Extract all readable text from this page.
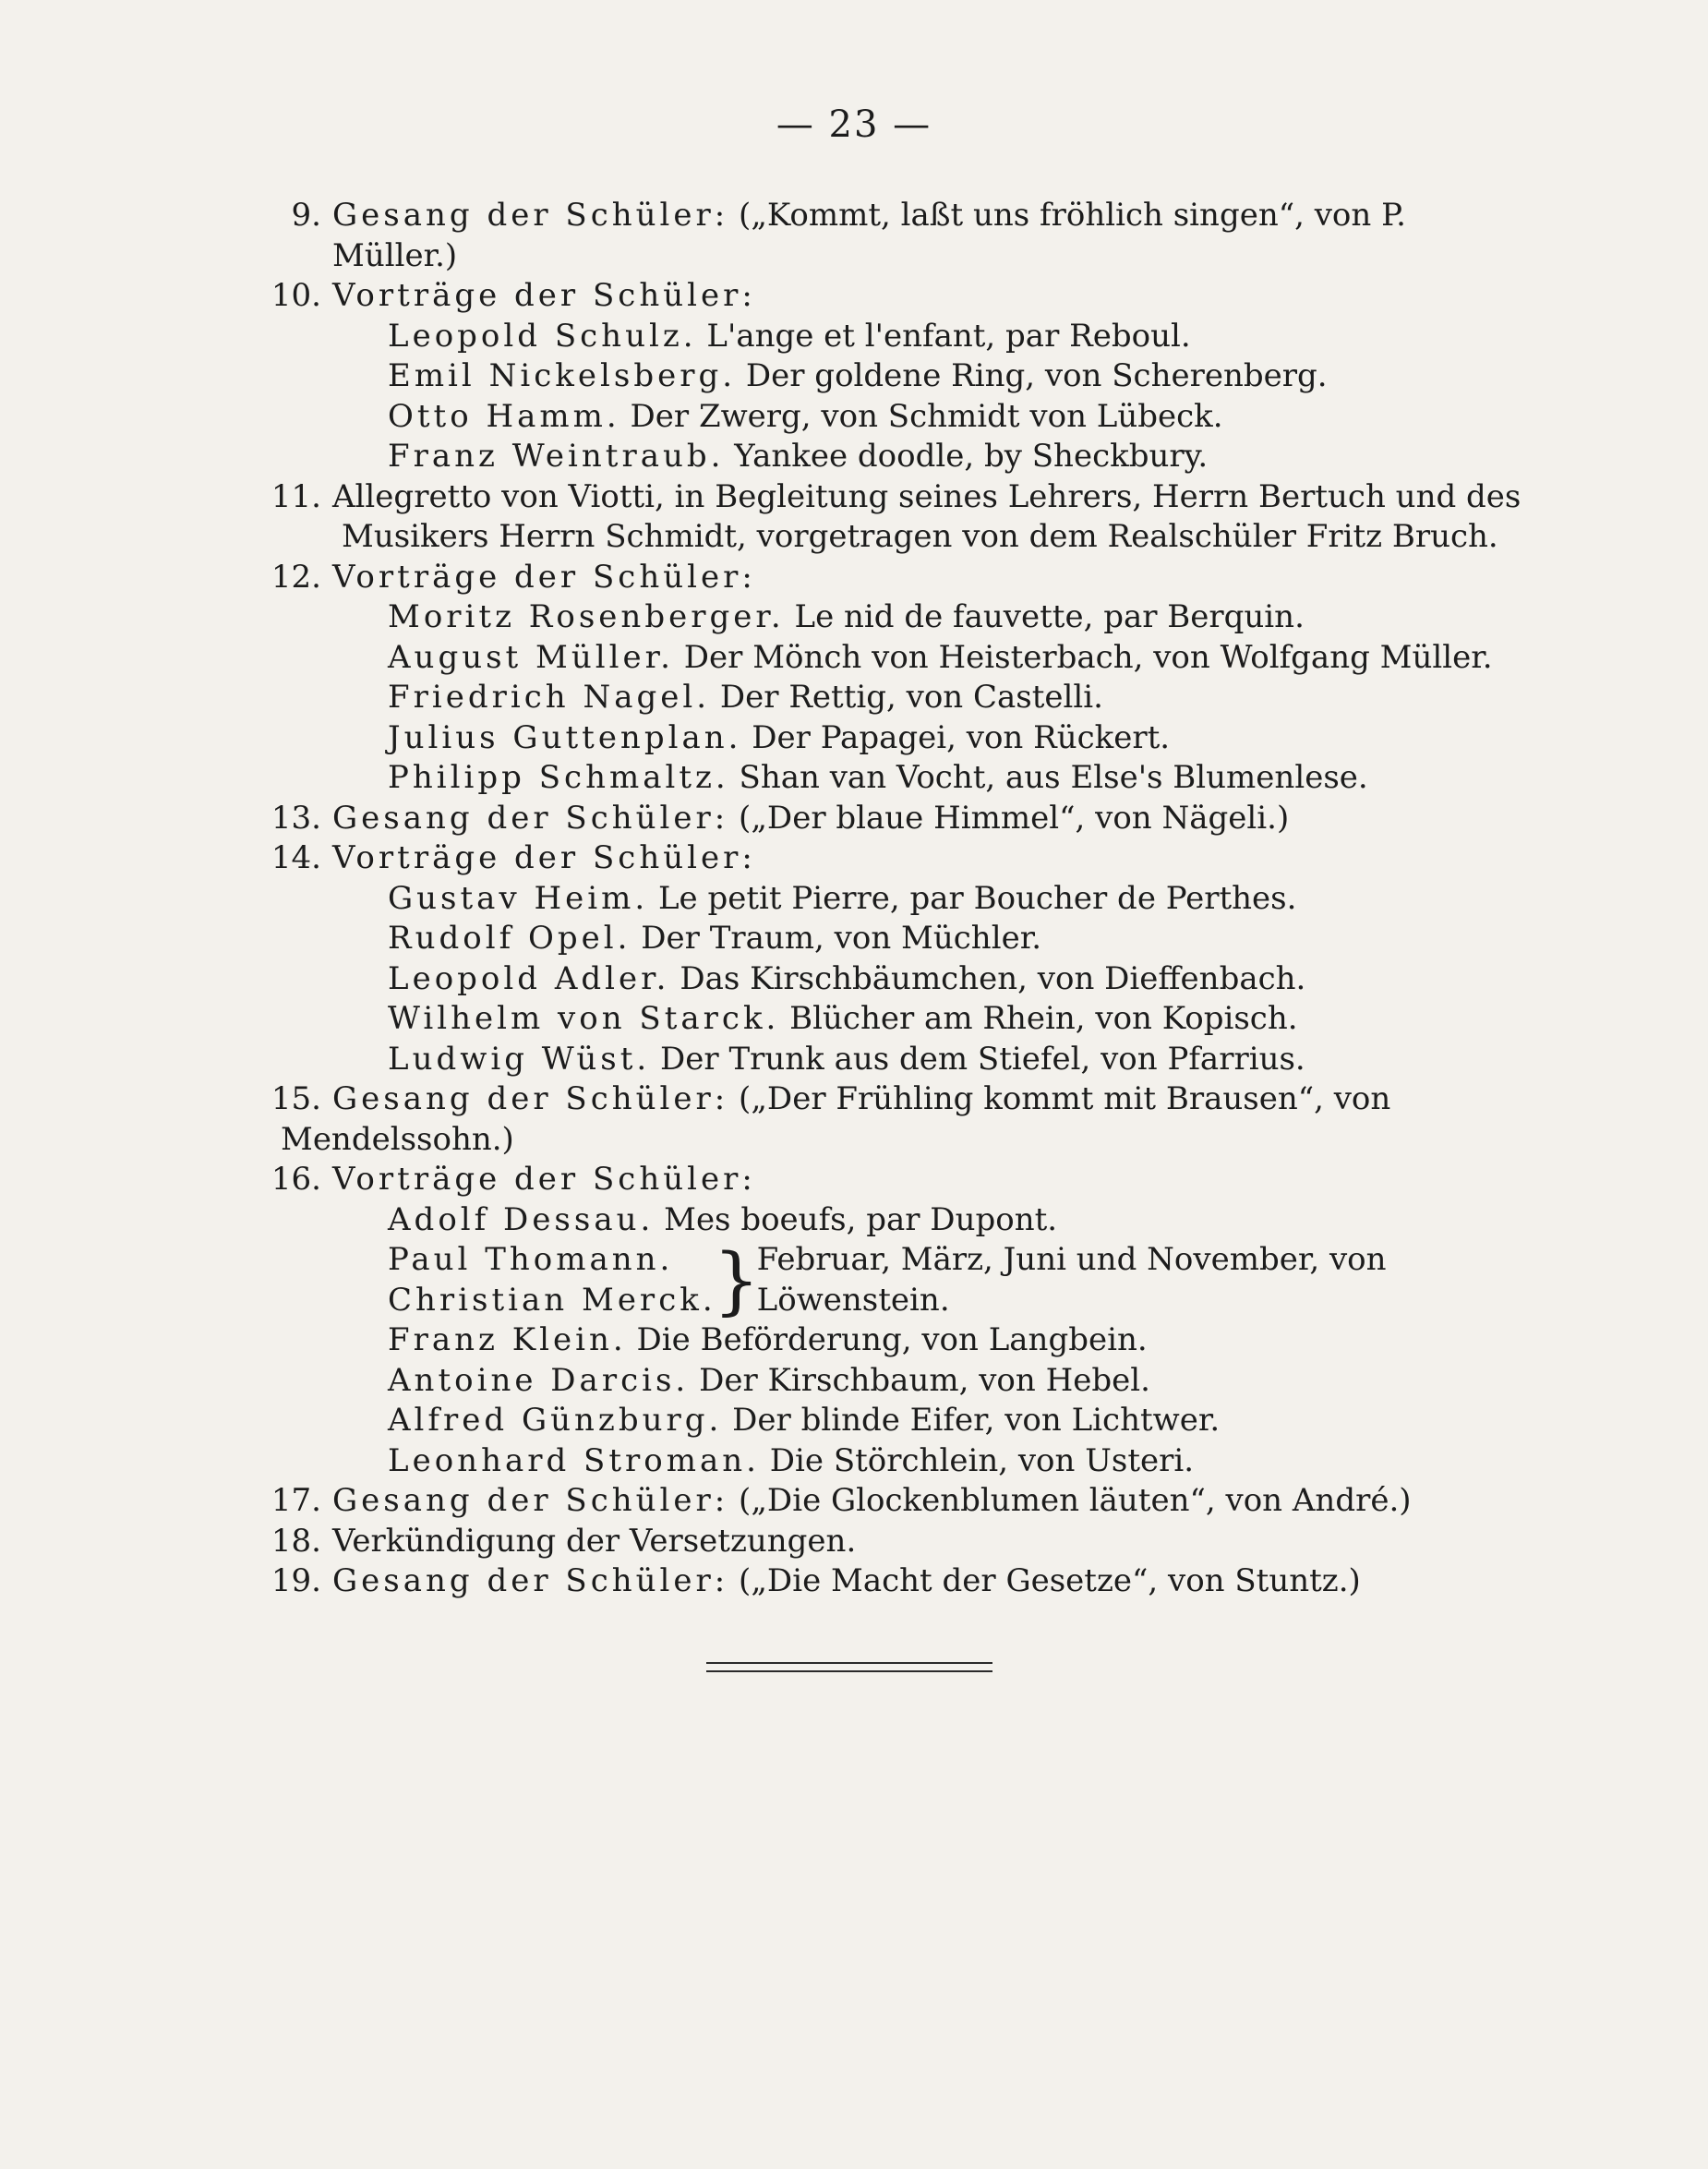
— 23 —
9. Gesang der Schüler: („Kommt, laßt uns fröhlich singen“, von P. Müller.)
10. Vorträge der Schüler:
Leopold Schulz. L'ange et l'enfant, par Reboul.
Emil Nickelsberg. Der goldene Ring, von Scherenberg.
Otto Hamm. Der Zwerg, von Schmidt von Lübeck.
Franz Weintraub. Yankee doodle, by Sheckbury.
11. Allegretto von Viotti, in Begleitung seines Lehrers, Herrn Bertuch und des
Musikers Herrn Schmidt, vorgetragen von dem Realschüler Fritz Bruch.
12. Vorträge der Schüler:
Moritz Rosenberger. Le nid de fauvette, par Berquin.
August Müller. Der Mönch von Heisterbach, von Wolfgang Müller.
Friedrich Nagel. Der Rettig, von Castelli.
Julius Guttenplan. Der Papagei, von Rückert.
Philipp Schmaltz. Shan van Vocht, aus Else's Blumenlese.
13. Gesang der Schüler: („Der blaue Himmel“, von Nägeli.)
14. Vorträge der Schüler:
Gustav Heim. Le petit Pierre, par Boucher de Perthes.
Rudolf Opel. Der Traum, von Müchler.
Leopold Adler. Das Kirschbäumchen, von Dieffenbach.
Wilhelm von Starck. Blücher am Rhein, von Kopisch.
Ludwig Wüst. Der Trunk aus dem Stiefel, von Pfarrius.
15. Gesang der Schüler: („Der Frühling kommt mit Brausen“, von
Mendelssohn.)
16. Vorträge der Schüler:
Adolf Dessau. Mes boeufs, par Dupont.
Paul Thomann.
Christian Merck.
}
Februar, März, Juni und November, von
Löwenstein.
Franz Klein. Die Beförderung, von Langbein.
Antoine Darcis. Der Kirschbaum, von Hebel.
Alfred Günzburg. Der blinde Eifer, von Lichtwer.
Leonhard Stroman. Die Störchlein, von Usteri.
17. Gesang der Schüler: („Die Glockenblumen läuten“, von André.)
18. Verkündigung der Versetzungen.
19. Gesang der Schüler: („Die Macht der Gesetze“, von Stuntz.)
